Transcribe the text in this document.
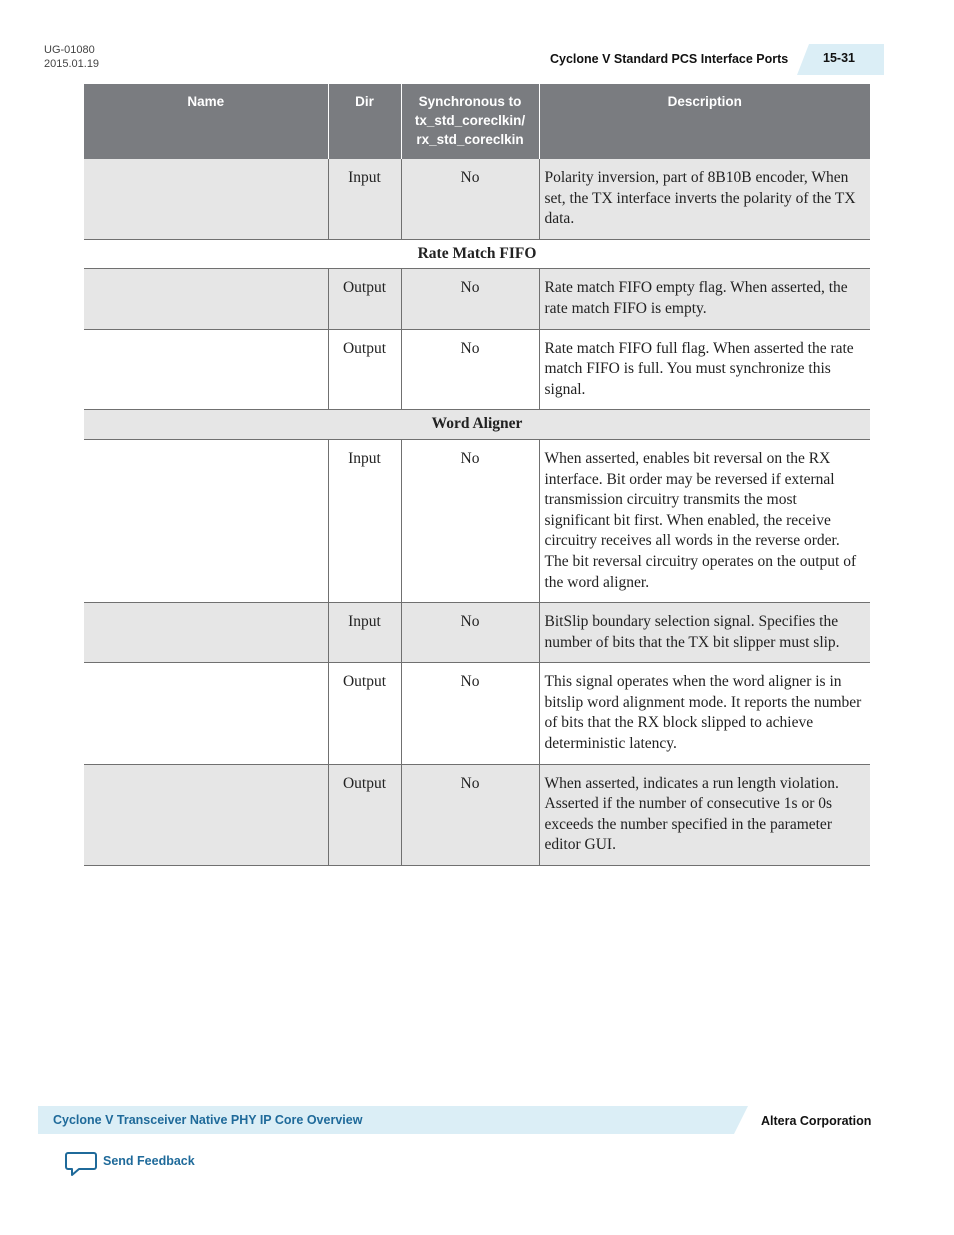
UG-01080
2015.01.19	Cyclone V Standard PCS Interface Ports	15-31
Name	Dir	Synchronous to tx_std_coreclkin/ rx_std_coreclkin	Description
	Input	No	Polarity inversion, part of 8B10B encoder, When set, the TX interface inverts the polarity of the TX data.
Rate Match FIFO			
	Output	No	Rate match FIFO empty flag. When asserted, the rate match FIFO is empty.
	Output	No	Rate match FIFO full flag. When asserted the rate match FIFO is full. You must synchronize this signal.
Word Aligner			
	Input	No	When asserted, enables bit reversal on the RX interface. Bit order may be reversed if external transmission circuitry transmits the most significant bit first. When enabled, the receive circuitry receives all words in the reverse order. The bit reversal circuitry operates on the output of the word aligner.
	Input	No	BitSlip boundary selection signal. Specifies the number of bits that the TX bit slipper must slip.
	Output	No	This signal operates when the word aligner is in bitslip word alignment mode. It reports the number of bits that the RX block slipped to achieve deterministic latency.
	Output	No	When asserted, indicates a run length violation. Asserted if the number of consecutive 1s or 0s exceeds the number specified in the parameter editor GUI.
Cyclone V Transceiver Native PHY IP Core Overview	Altera Corporation
Send Feedback
